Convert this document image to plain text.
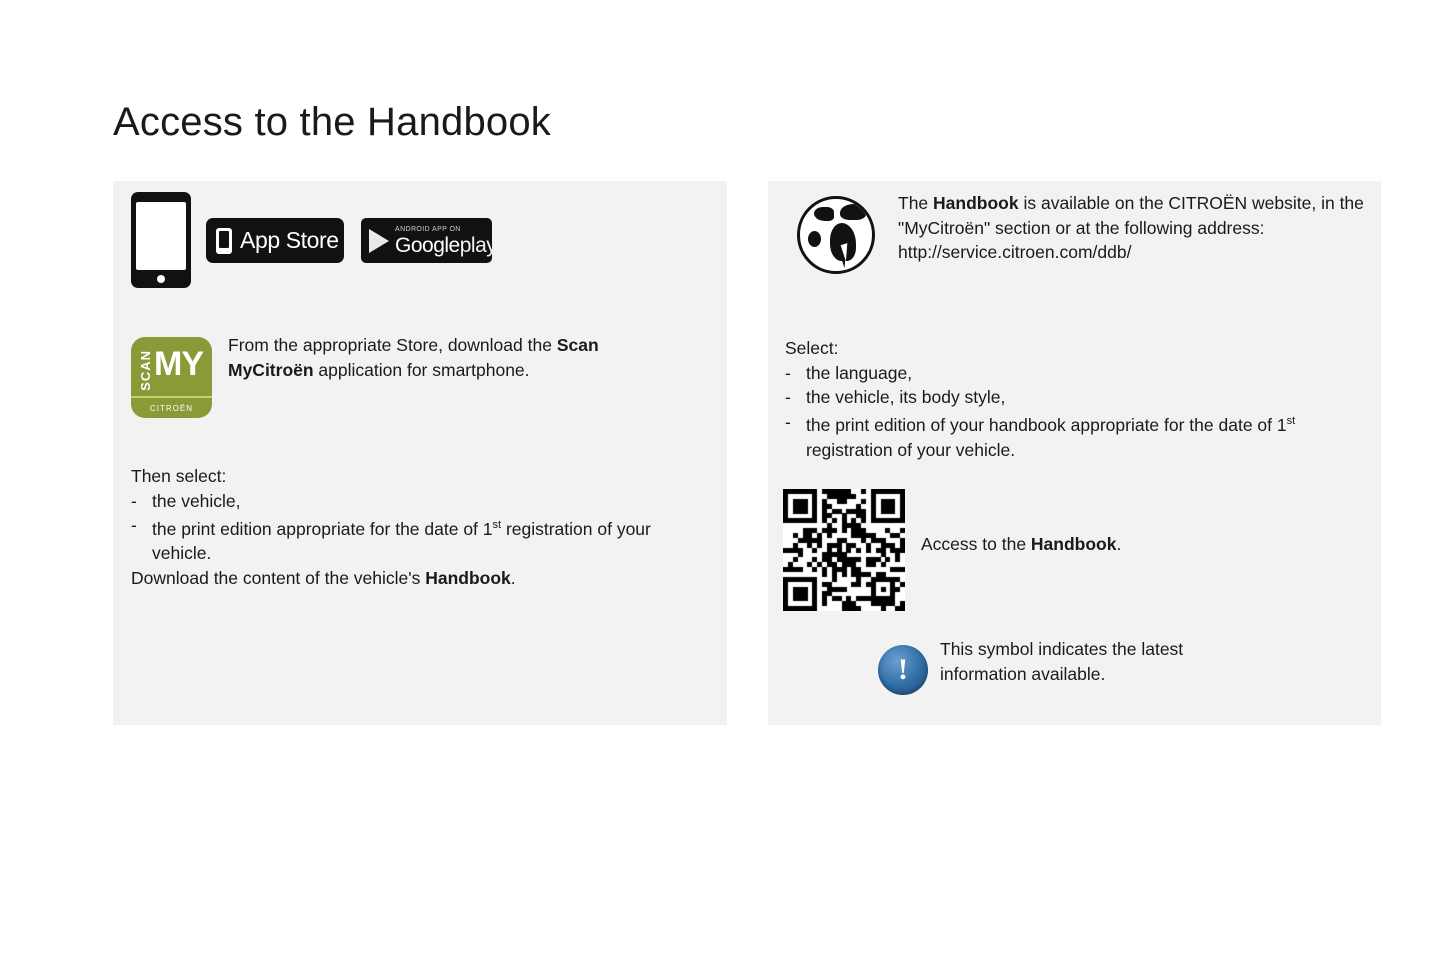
Access to the Handbook
App Store	ANDROID APP ON
Googleplay
SCAN MY
CITROËN
From the appropriate Store, download the Scan MyCitroën application for smartphone.
Then select:
- the vehicle,
- the print edition appropriate for the date of 1st registration of your vehicle.
Download the content of the vehicle's Handbook.
The Handbook is available on the CITROËN website, in the "MyCitroën" section or at the following address:
http://service.citroen.com/ddb/
Select:
- the language,
- the vehicle, its body style,
- the print edition of your handbook appropriate for the date of 1st registration of your vehicle.
Access to the Handbook.
!
This symbol indicates the latest information available.
